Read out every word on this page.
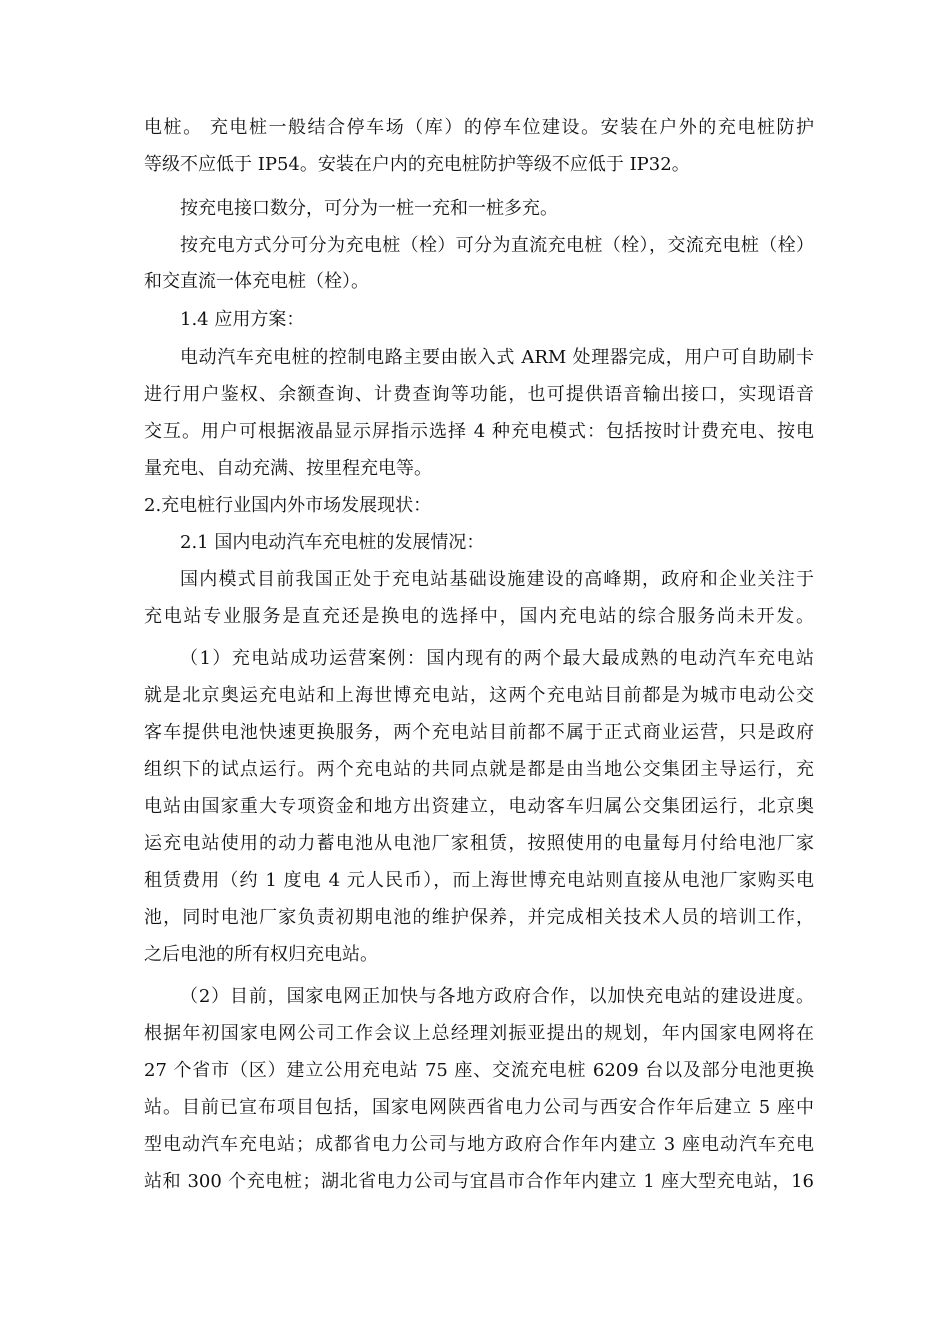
电桩。 充电桩一般结合停车场（库）的停车位建设。安装在户外的充电桩防护
等级不应低于 IP54。安装在户内的充电桩防护等级不应低于 IP32。
按充电接口数分，可分为一桩一充和一桩多充。
按充电方式分可分为充电桩（栓）可分为直流充电桩（栓），交流充电桩（栓）
和交直流一体充电桩（栓）。
1.4 应用方案：
电动汽车充电桩的控制电路主要由嵌入式 ARM 处理器完成，用户可自助刷卡
进行用户鉴权、余额查询、计费查询等功能，也可提供语音输出接口，实现语音
交互。用户可根据液晶显示屏指示选择 4 种充电模式：包括按时计费充电、按电
量充电、自动充满、按里程充电等。
2.充电桩行业国内外市场发展现状：
2.1 国内电动汽车充电桩的发展情况：
国内模式目前我国正处于充电站基础设施建设的高峰期，政府和企业关注于
充电站专业服务是直充还是换电的选择中，国内充电站的综合服务尚未开发。
（1）充电站成功运营案例：国内现有的两个最大最成熟的电动汽车充电站
就是北京奥运充电站和上海世博充电站，这两个充电站目前都是为城市电动公交
客车提供电池快速更换服务，两个充电站目前都不属于正式商业运营，只是政府
组织下的试点运行。两个充电站的共同点就是都是由当地公交集团主导运行，充
电站由国家重大专项资金和地方出资建立，电动客车归属公交集团运行，北京奥
运充电站使用的动力蓄电池从电池厂家租赁，按照使用的电量每月付给电池厂家
租赁费用（约 1 度电 4 元人民币），而上海世博充电站则直接从电池厂家购买电
池，同时电池厂家负责初期电池的维护保养，并完成相关技术人员的培训工作，
之后电池的所有权归充电站。
（2）目前，国家电网正加快与各地方政府合作，以加快充电站的建设进度。
根据年初国家电网公司工作会议上总经理刘振亚提出的规划，年内国家电网将在
27 个省市（区）建立公用充电站 75 座、交流充电桩 6209 台以及部分电池更换
站。目前已宣布项目包括，国家电网陕西省电力公司与西安合作年后建立 5 座中
型电动汽车充电站；成都省电力公司与地方政府合作年内建立 3 座电动汽车充电
站和 300 个充电桩；湖北省电力公司与宜昌市合作年内建立 1 座大型充电站，16
